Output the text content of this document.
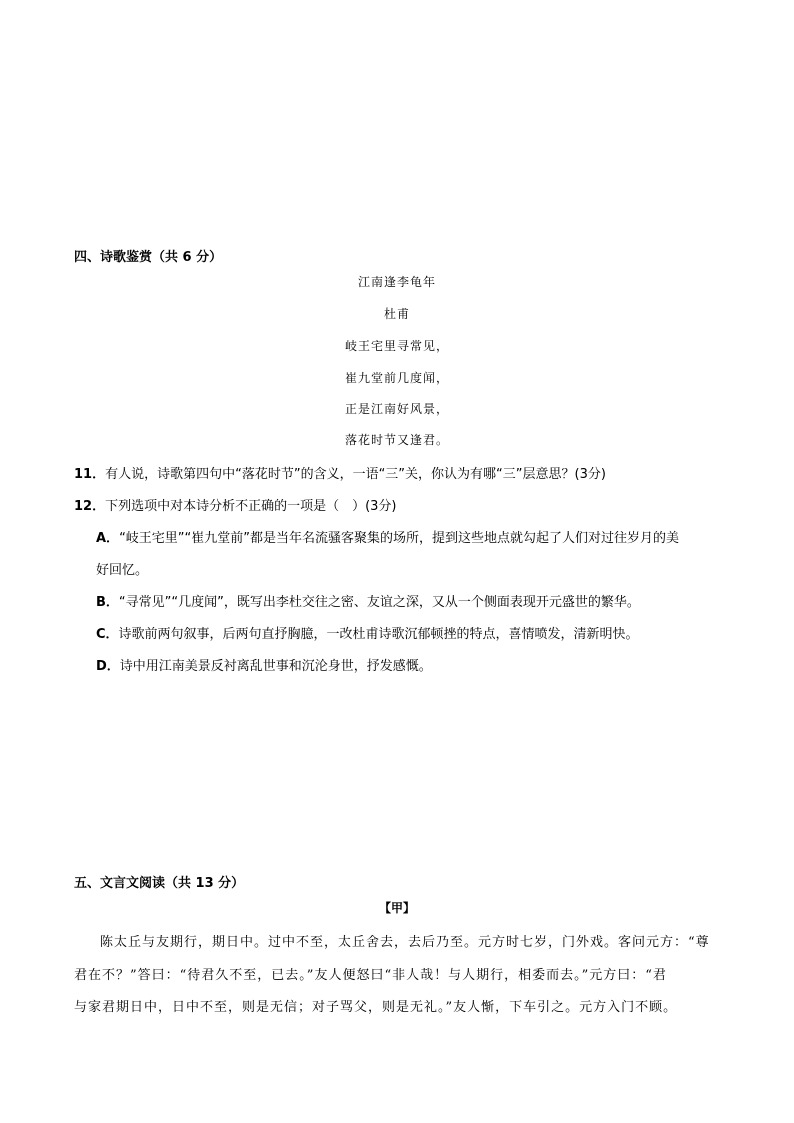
四、诗歌鉴赏（共 6 分）
江南逢李龟年
杜甫
岐王宅里寻常见，
崔九堂前几度闻，
正是江南好风景，
落花时节又逢君。
11．有人说，诗歌第四句中“落花时节”的含义，一语“三”关，你认为有哪“三”层意思？(3分)
12．下列选项中对本诗分析不正确的一项是（　）(3分)
A．“岐王宅里”“崔九堂前”都是当年名流骚客聚集的场所，提到这些地点就勾起了人们对过往岁月的美
好回忆。
B．“寻常见”“几度闻”，既写出李杜交往之密、友谊之深，又从一个侧面表现开元盛世的繁华。
C．诗歌前两句叙事，后两句直抒胸臆，一改杜甫诗歌沉郁顿挫的特点，喜情喷发，清新明快。
D．诗中用江南美景反衬离乱世事和沉沦身世，抒发感慨。
五、文言文阅读（共 13 分）
【甲】
陈太丘与友期行，期日中。过中不至，太丘舍去，去后乃至。元方时七岁，门外戏。客问元方：“尊
君在不？”答曰：“待君久不至，已去。”友人便怒曰“非人哉！与人期行，相委而去。”元方曰：“君
与家君期日中，日中不至，则是无信；对子骂父，则是无礼。”友人惭，下车引之。元方入门不顾。
